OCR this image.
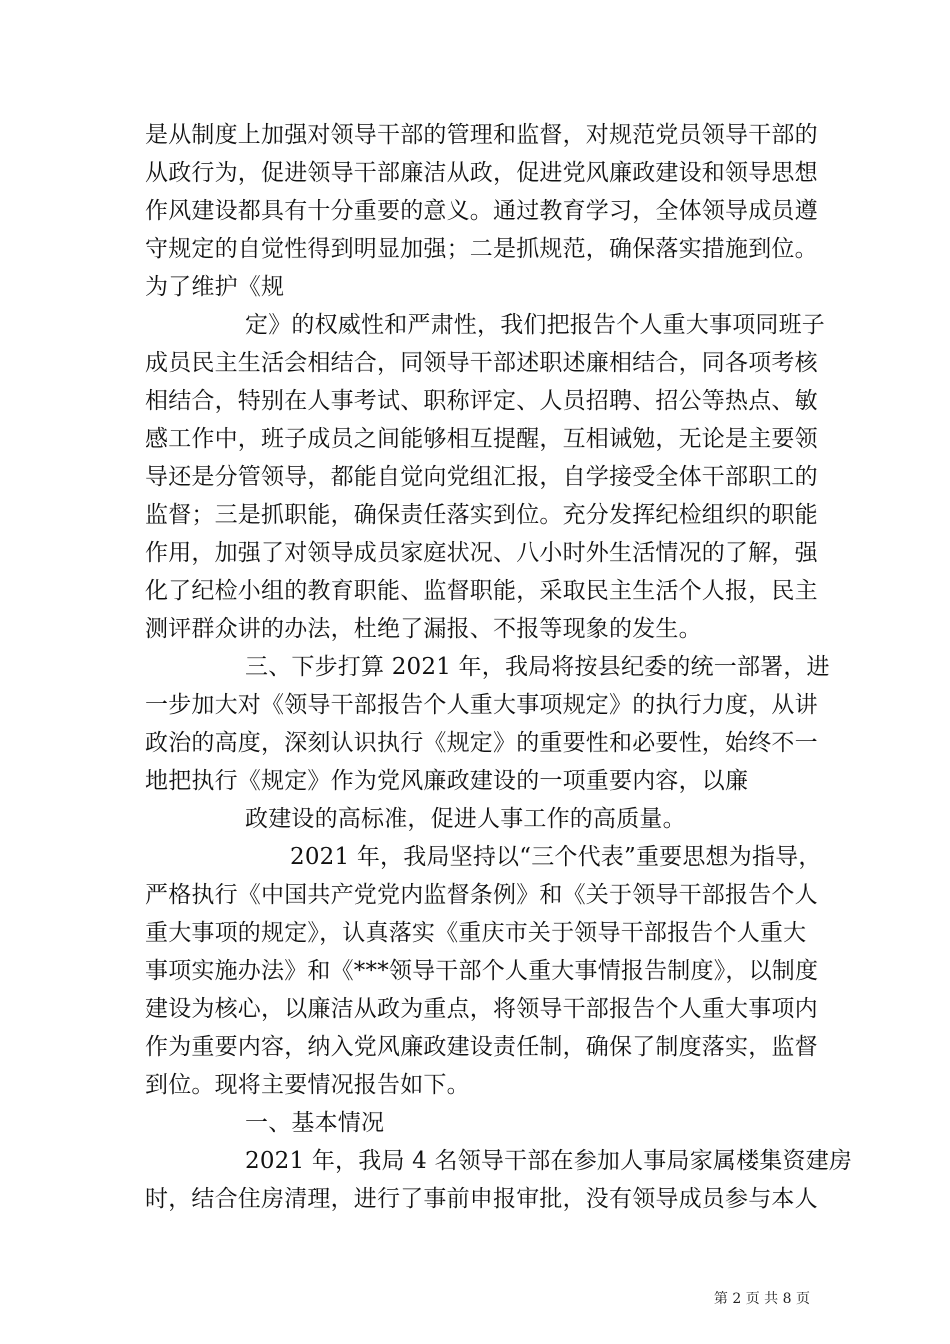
是从制度上加强对领导干部的管理和监督，对规范党员领导干部的
从政行为，促进领导干部廉洁从政，促进党风廉政建设和领导思想
作风建设都具有十分重要的意义。通过教育学习，全体领导成员遵
守规定的自觉性得到明显加强；二是抓规范，确保落实措施到位。
为了维护《规
定》的权威性和严肃性，我们把报告个人重大事项同班子
成员民主生活会相结合，同领导干部述职述廉相结合，同各项考核
相结合，特别在人事考试、职称评定、人员招聘、招公等热点、敏
感工作中，班子成员之间能够相互提醒，互相诫勉，无论是主要领
导还是分管领导，都能自觉向党组汇报，自学接受全体干部职工的
监督；三是抓职能，确保责任落实到位。充分发挥纪检组织的职能
作用，加强了对领导成员家庭状况、八小时外生活情况的了解，强
化了纪检小组的教育职能、监督职能，采取民主生活个人报，民主
测评群众讲的办法，杜绝了漏报、不报等现象的发生。
三、下步打算 2021 年，我局将按县纪委的统一部署，进
一步加大对《领导干部报告个人重大事项规定》的执行力度，从讲
政治的高度，深刻认识执行《规定》的重要性和必要性，始终不一
地把执行《规定》作为党风廉政建设的一项重要内容，以廉
政建设的高标准，促进人事工作的高质量。
2021 年，我局坚持以“三个代表”重要思想为指导，
严格执行《中国共产党党内监督条例》和《关于领导干部报告个人
重大事项的规定》，认真落实《重庆市关于领导干部报告个人重大
事项实施办法》和《***领导干部个人重大事情报告制度》，以制度
建设为核心，以廉洁从政为重点，将领导干部报告个人重大事项内
作为重要内容，纳入党风廉政建设责任制，确保了制度落实，监督
到位。现将主要情况报告如下。
一、基本情况
2021 年，我局 4 名领导干部在参加人事局家属楼集资建房
时，结合住房清理，进行了事前申报审批，没有领导成员参与本人
第 2 页 共 8 页
